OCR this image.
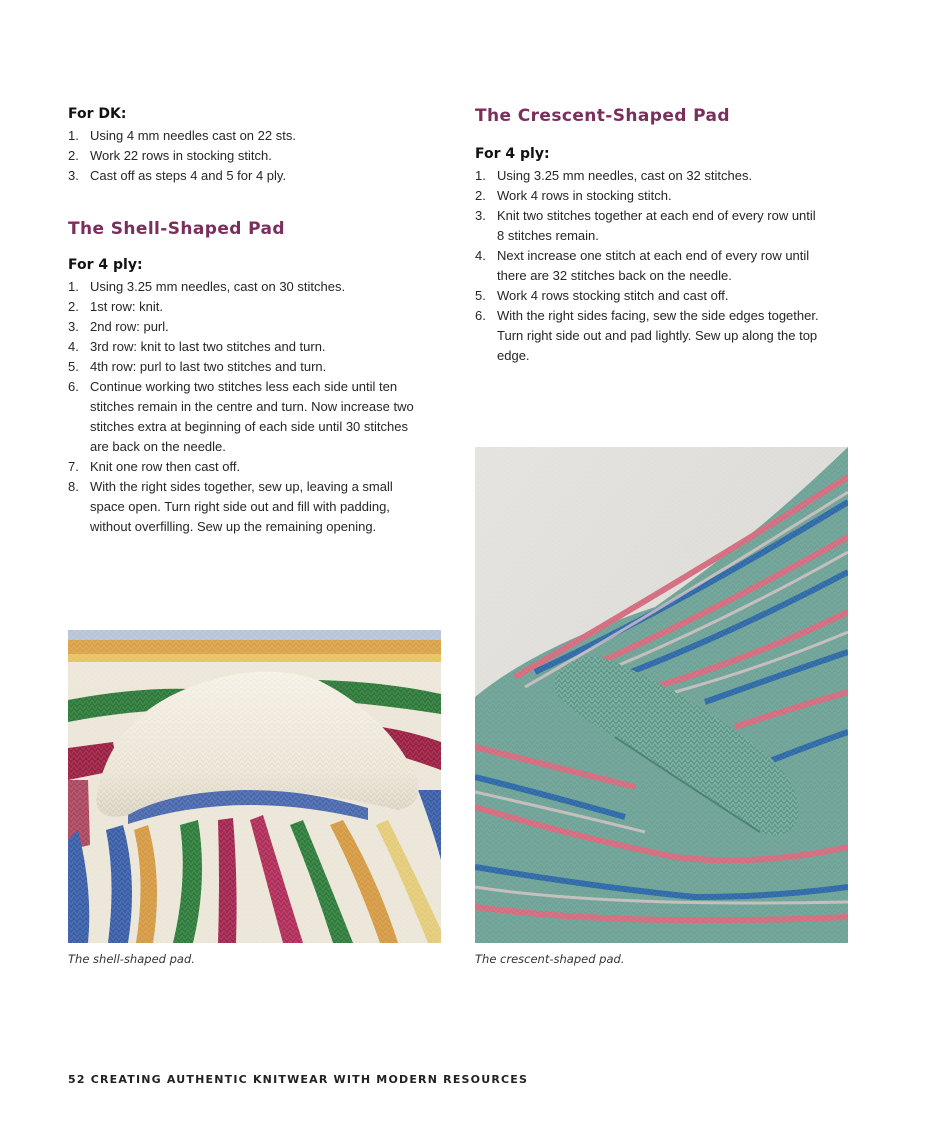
For DK:

1. Using 4 mm needles cast on 22 sts.
2. Work 22 rows in stocking stitch.
3. Cast off as steps 4 and 5 for 4 ply.
The Shell-Shaped Pad

For 4 ply:

1. Using 3.25 mm needles, cast on 30 stitches.
2. 1st row: knit.
3. 2nd row: purl.
4. 3rd row: knit to last two stitches and turn.
5. 4th row: purl to last two stitches and turn.
6. Continue working two stitches less each side until ten
stitches remain in the centre and turn. Now increase two
stitches extra at beginning of each side until 30 stitches
are back on the needle.
7. Knit one row then cast off.
8. With the right sides together, sew up, leaving a small
space open. Turn right side out and fill with padding,
without overfilling. Sew up the remaining opening.
The Crescent-Shaped Pad

For 4 ply:

1. Using 3.25 mm needles, cast on 32 stitches.
2. Work 4 rows in stocking stitch.
3. Knit two stitches together at each end of every row until
8 stitches remain.
4. Next increase one stitch at each end of every row until
there are 32 stitches back on the needle.
5. Work 4 rows stocking stitch and cast off.
6. With the right sides facing, sew the side edges together.
Turn right side out and pad lightly. Sew up along the top
edge.
The shell-shaped pad.	The crescent-shaped pad.
52 CREATING AUTHENTIC KNITWEAR WITH MODERN RESOURCES
